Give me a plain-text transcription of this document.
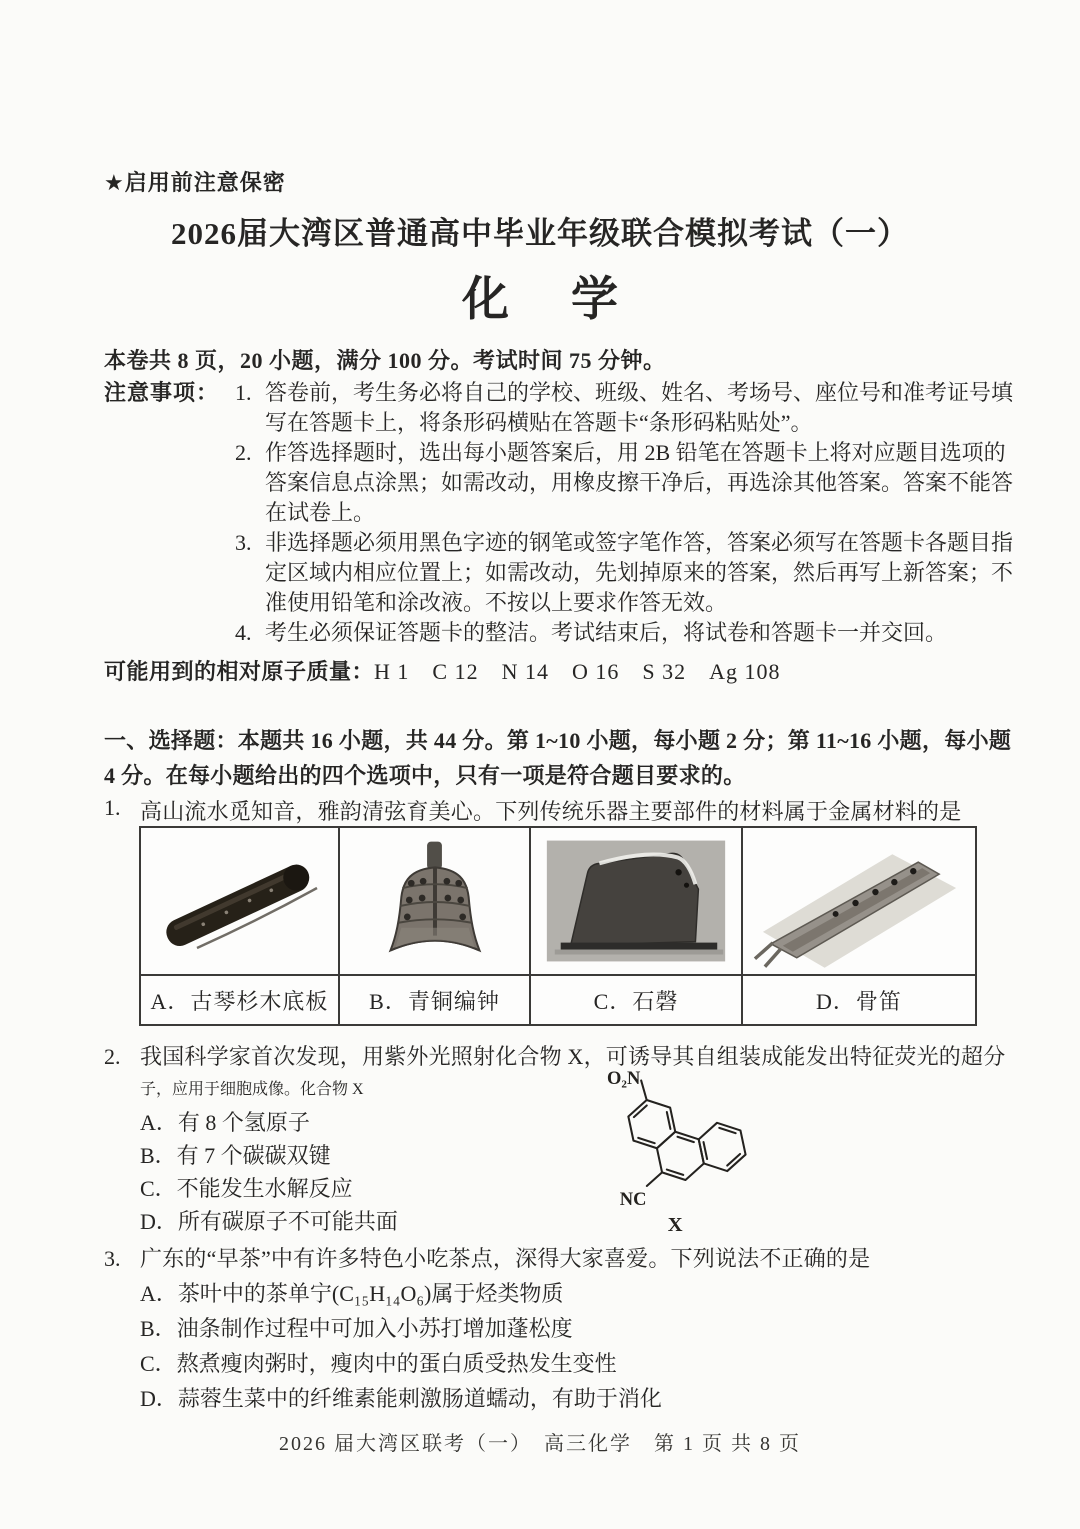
★启用前注意保密
2026届大湾区普通高中毕业年级联合模拟考试（一）
化 学
本卷共 8 页，20 小题，满分 100 分。考试时间 75 分钟。
注意事项： 1. 答卷前，考生务必将自己的学校、班级、姓名、考场号、座位号和准考证号填
写在答题卡上，将条形码横贴在答题卡“条形码粘贴处”。
2. 作答选择题时，选出每小题答案后，用 2B 铅笔在答题卡上将对应题目选项的
答案信息点涂黑；如需改动，用橡皮擦干净后，再选涂其他答案。答案不能答
在试卷上。
3. 非选择题必须用黑色字迹的钢笔或签字笔作答，答案必须写在答题卡各题目指
定区域内相应位置上；如需改动，先划掉原来的答案，然后再写上新答案；不
准使用铅笔和涂改液。不按以上要求作答无效。
4. 考生必须保证答题卡的整洁。考试结束后，将试卷和答题卡一并交回。
可能用到的相对原子质量：H 1　C 12　N 14　O 16　S 32　Ag 108
一、选择题：本题共 16 小题，共 44 分。第 1~10 小题，每小题 2 分；第 11~16 小题，每小题
4 分。在每小题给出的四个选项中，只有一项是符合题目要求的。
1. 高山流水觅知音，雅韵清弦育美心。下列传统乐器主要部件的材料属于金属材料的是
A．古琴杉木底板	B．青铜编钟	C．石磬	D．骨笛
2. 我国科学家首次发现，用紫外光照射化合物 X，可诱导其自组装成能发出特征荧光的超分
子，应用于细胞成像。化合物 X
A．有 8 个氢原子
B．有 7 个碳碳双键
C．不能发生水解反应
D．所有碳原子不可能共面
O₂N
NC
X
3. 广东的“早茶”中有许多特色小吃茶点，深得大家喜爱。下列说法不正确的是
A．茶叶中的茶单宁(C₁₅H₁₄O₆)属于烃类物质
B．油条制作过程中可加入小苏打增加蓬松度
C．熬煮瘦肉粥时，瘦肉中的蛋白质受热发生变性
D．蒜蓉生菜中的纤维素能刺激肠道蠕动，有助于消化
2026 届大湾区联考（一）　高三化学　第 1 页 共 8 页
